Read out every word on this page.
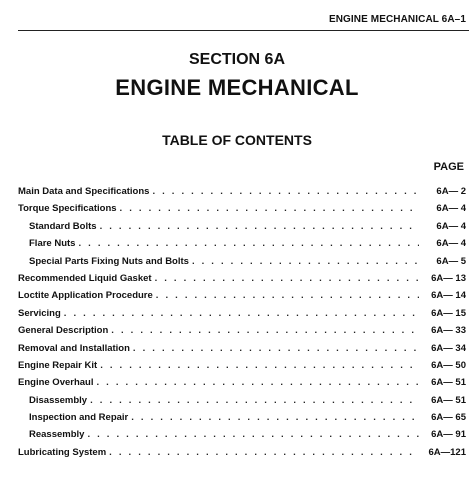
ENGINE MECHANICAL 6A–1
SECTION 6A
ENGINE MECHANICAL
TABLE OF CONTENTS
PAGE
Main Data and Specifications . . .	6A— 2
Torque Specifications . . .	6A— 4
Standard Bolts . . .	6A— 4
Flare Nuts . . .	6A— 4
Special Parts Fixing Nuts and Bolts . . .	6A— 5
Recommended Liquid Gasket . . .	6A— 13
Loctite Application Procedure . . .	6A— 14
Servicing . . .	6A— 15
General Description . . .	6A— 33
Removal and Installation . . .	6A— 34
Engine Repair Kit . . .	6A— 50
Engine Overhaul . . .	6A— 51
Disassembly . . .	6A— 51
Inspection and Repair . . .	6A— 65
Reassembly . . .	6A— 91
Lubricating System . . .	6A—121
